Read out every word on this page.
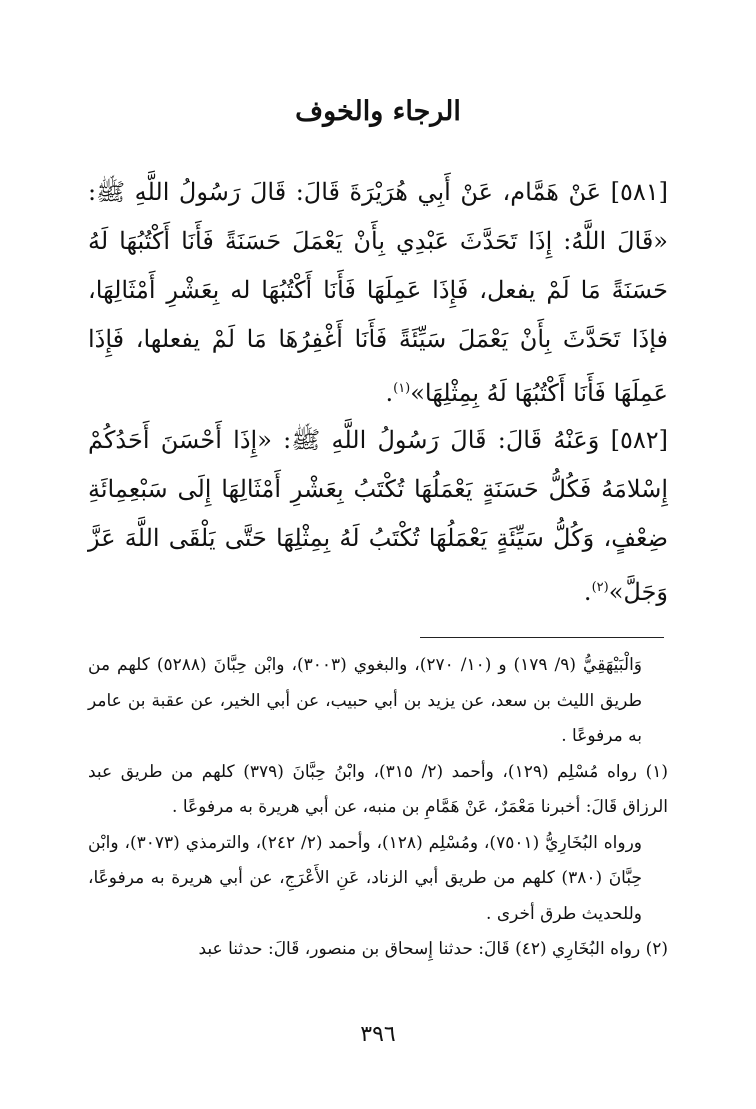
الرجاء والخوف
[٥٨١] عَنْ هَمَّام، عَنْ أَبِي هُرَيْرَةَ قَالَ: قَالَ رَسُولُ اللَّهِ ﷺ: «قَالَ اللَّهُ: إِذَا تَحَدَّثَ عَبْدِي بِأَنْ يَعْمَلَ حَسَنَةً فَأَنَا أَكْتُبُهَا لَهُ حَسَنَةً مَا لَمْ يفعل، فَإِذَا عَمِلَهَا فَأَنَا أَكْتُبُهَا له بِعَشْرِ أَمْثَالِهَا، فإذَا تَحَدَّثَ بِأَنْ يَعْمَلَ سَيِّئَةً فَأَنَا أَغْفِرُهَا مَا لَمْ يفعلها، فَإِذَا عَمِلَهَا فَأَنَا أَكْتُبُهَا لَهُ بِمِثْلِهَا»$^{(١)}$.
[٥٨٢] وَعَنْهُ قَالَ: قَالَ رَسُولُ اللَّهِ ﷺ: «إِذَا أَحْسَنَ أَحَدُكُمْ إِسْلامَهُ فَكُلُّ حَسَنَةٍ يَعْمَلُهَا تُكْتَبُ بِعَشْرِ أَمْثَالِهَا إِلَى سَبْعِمِائَةِ ضِعْفٍ، وَكُلُّ سَيِّئَةٍ يَعْمَلُهَا تُكْتَبُ لَهُ بِمِثْلِهَا حَتَّى يَلْقَى اللَّهَ عَزَّ وَجَلَّ»$^{(٢)}$.

وَالْبَيْهَقِيُّ (٩/ ١٧٩) و (١٠/ ٢٧٠)، والبغوي (٣٠٠٣)، وابْن حِبَّانَ (٥٢٨٨) كلهم من طريق الليث بن سعد، عن يزيد بن أبي حبيب، عن أبي الخير، عن عقبة بن عامر به مرفوعًا .

(١) رواه مُسْلِم (١٢٩)، وأحمد (٢/ ٣١٥)، وابْنُ حِبَّانَ (٣٧٩) كلهم من طريق عبد الرزاق قَالَ: أخبرنا مَعْمَرٌ، عَنْ هَمَّامِ بن منبه، عن أبي هريرة به مرفوعًا .

ورواه البُخَارِيُّ (٧٥٠١)، ومُسْلِم (١٢٨)، وأحمد (٢/ ٢٤٢)، والترمذي (٣٠٧٣)، وابْن حِبَّانَ (٣٨٠) كلهم من طريق أبي الزناد، عَنِ الأَعْرَجِ، عن أبي هريرة به مرفوعًا، وللحديث طرق أخرى .

(٢) رواه البُخَارِي (٤٢) قَالَ: حدثنا إِسحاق بن منصور، قَالَ: حدثنا عبد

٣٩٦
